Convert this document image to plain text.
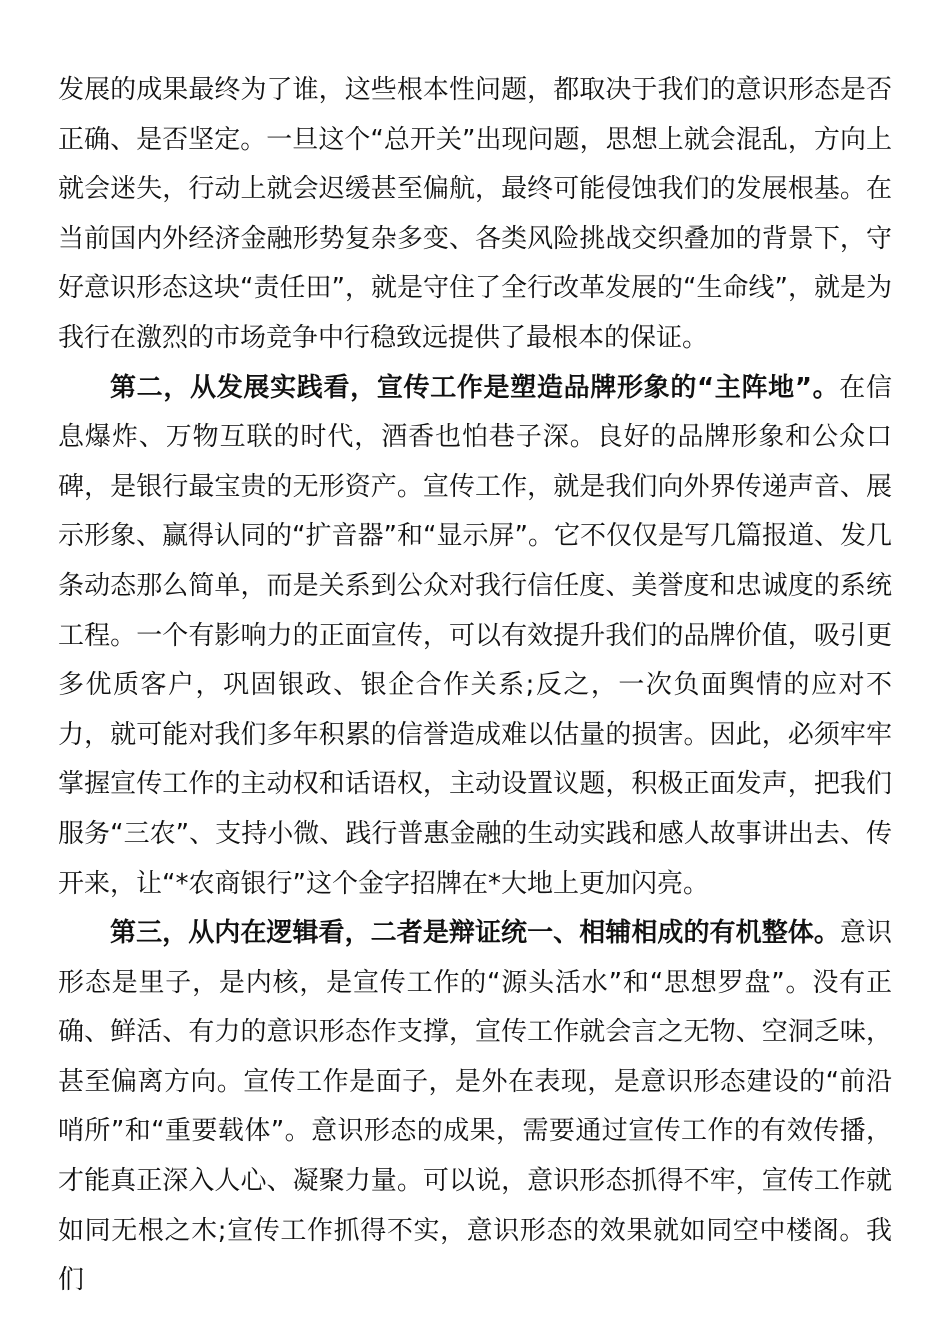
发展的成果最终为了谁，这些根本性问题，都取决于我们的意识形态是否正确、是否坚定。一旦这个“总开关”出现问题，思想上就会混乱，方向上就会迷失，行动上就会迟缓甚至偏航，最终可能侵蚀我们的发展根基。在当前国内外经济金融形势复杂多变、各类风险挑战交织叠加的背景下，守好意识形态这块“责任田”，就是守住了全行改革发展的“生命线”，就是为我行在激烈的市场竞争中行稳致远提供了最根本的保证。

第二，从发展实践看，宣传工作是塑造品牌形象的“主阵地”。在信息爆炸、万物互联的时代，酒香也怕巷子深。良好的品牌形象和公众口碑，是银行最宝贵的无形资产。宣传工作，就是我们向外界传递声音、展示形象、赢得认同的“扩音器”和“显示屏”。它不仅仅是写几篇报道、发几条动态那么简单，而是关系到公众对我行信任度、美誉度和忠诚度的系统工程。一个有影响力的正面宣传，可以有效提升我们的品牌价值，吸引更多优质客户，巩固银政、银企合作关系;反之，一次负面舆情的应对不力，就可能对我们多年积累的信誉造成难以估量的损害。因此，必须牢牢掌握宣传工作的主动权和话语权，主动设置议题，积极正面发声，把我们服务“三农”、支持小微、践行普惠金融的生动实践和感人故事讲出去、传开来，让“*农商银行”这个金字招牌在*大地上更加闪亮。

第三，从内在逻辑看，二者是辩证统一、相辅相成的有机整体。意识形态是里子，是内核，是宣传工作的“源头活水”和“思想罗盘”。没有正确、鲜活、有力的意识形态作支撑，宣传工作就会言之无物、空洞乏味，甚至偏离方向。宣传工作是面子，是外在表现，是意识形态建设的“前沿哨所”和“重要载体”。意识形态的成果，需要通过宣传工作的有效传播，才能真正深入人心、凝聚力量。可以说，意识形态抓得不牢，宣传工作就如同无根之木;宣传工作抓得不实，意识形态的效果就如同空中楼阁。我们
